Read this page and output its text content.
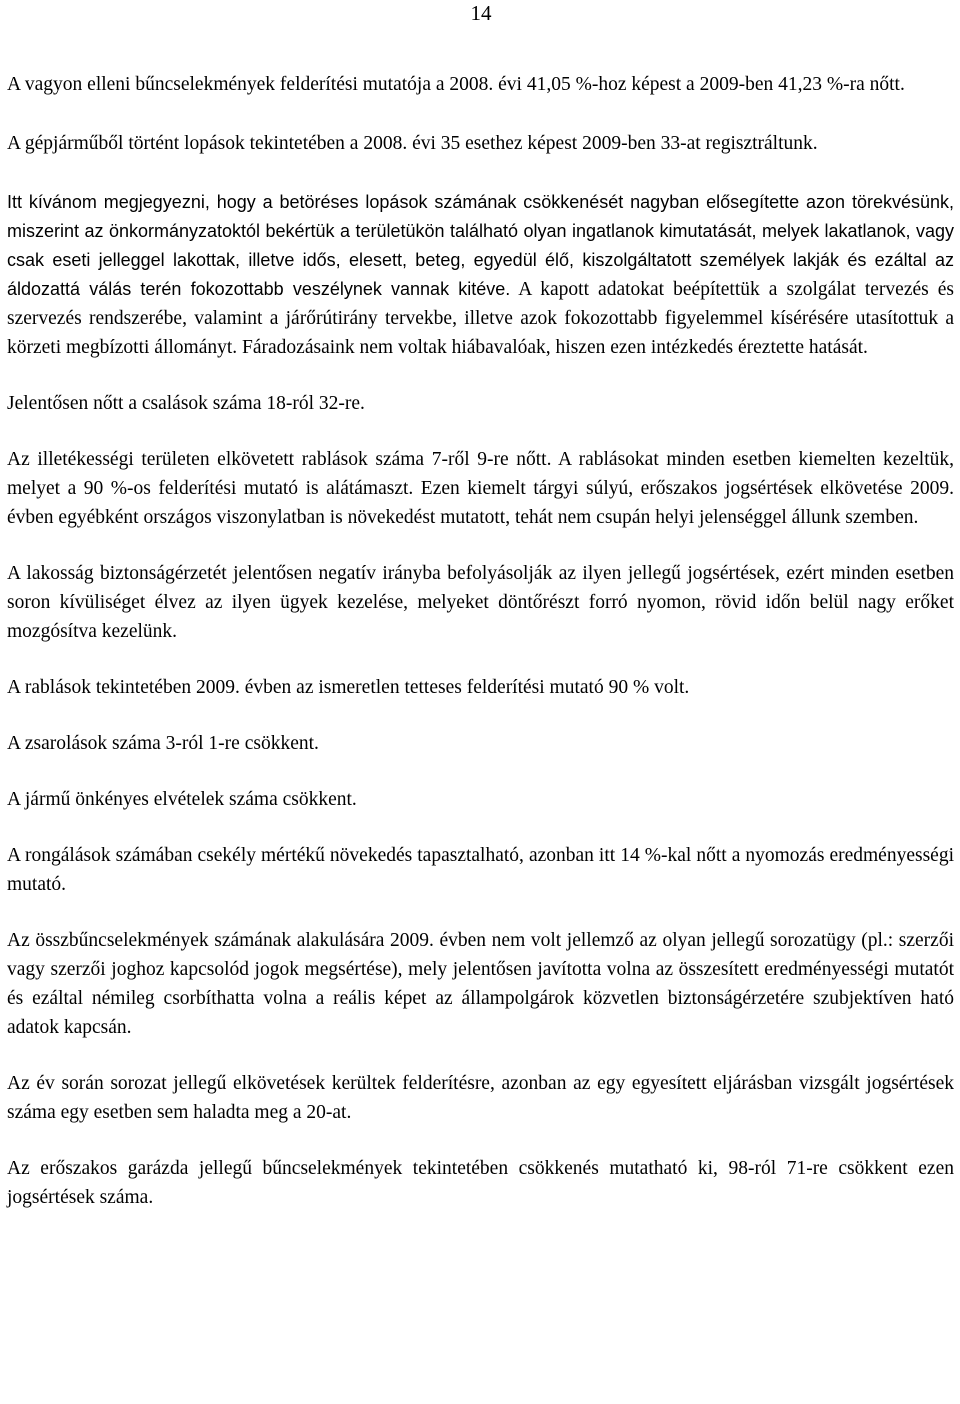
14

A vagyon elleni bűncselekmények felderítési mutatója a 2008. évi 41,05 %-hoz képest a 2009-ben 41,23 %-ra nőtt.

A gépjárműből történt lopások tekintetében a 2008. évi 35 esethez képest 2009-ben 33-at regisztráltunk.

Itt kívánom megjegyezni, hogy a betöréses lopások számának csökkenését nagyban elősegítette azon törekvésünk, miszerint az önkormányzatoktól bekértük a területükön található olyan ingatlanok kimutatását, melyek lakatlanok, vagy csak eseti jelleggel lakottak, illetve idős, elesett, beteg, egyedül élő, kiszolgáltatott személyek lakják és ezáltal az áldozattá válás terén fokozottabb veszélynek vannak kitéve. A kapott adatokat beépítettük a szolgálat tervezés és szervezés rendszerébe, valamint a járőrútirány tervekbe, illetve azok fokozottabb figyelemmel kísérésére utasítottuk a körzeti megbízotti állományt. Fáradozásaink nem voltak hiábavalóak, hiszen ezen intézkedés éreztette hatását.

Jelentősen nőtt a csalások száma 18-ról 32-re.

Az illetékességi területen elkövetett rablások száma 7-ről 9-re nőtt. A rablásokat minden esetben kiemelten kezeltük, melyet a 90 %-os felderítési mutató is alátámaszt. Ezen kiemelt tárgyi súlyú, erőszakos jogsértések elkövetése 2009. évben egyébként országos viszonylatban is növekedést mutatott, tehát nem csupán helyi jelenséggel állunk szemben.

A lakosság biztonságérzetét jelentősen negatív irányba befolyásolják az ilyen jellegű jogsértések, ezért minden esetben soron kívüliséget élvez az ilyen ügyek kezelése, melyeket döntőrészt forró nyomon, rövid időn belül nagy erőket mozgósítva kezelünk.

A rablások tekintetében 2009. évben az ismeretlen tetteses felderítési mutató 90 % volt.

A zsarolások száma 3-ról 1-re csökkent.

A jármű önkényes elvételek száma csökkent.

A rongálások számában csekély mértékű növekedés tapasztalható, azonban itt 14 %-kal nőtt a nyomozás eredményességi mutató.

Az összbűncselekmények számának alakulására 2009. évben nem volt jellemző az olyan jellegű sorozatügy (pl.: szerzői vagy szerzői joghoz kapcsolód jogok megsértése), mely jelentősen javította volna az összesített eredményességi mutatót és ezáltal némileg csorbíthatta volna a reális képet az állampolgárok közvetlen biztonságérzetére szubjektíven ható adatok kapcsán.

Az év során sorozat jellegű elkövetések kerültek felderítésre, azonban az egy egyesített eljárásban vizsgált jogsértések száma egy esetben sem haladta meg a 20-at.

Az erőszakos garázda jellegű bűncselekmények tekintetében csökkenés mutatható ki, 98-ról 71-re csökkent ezen jogsértések száma.
